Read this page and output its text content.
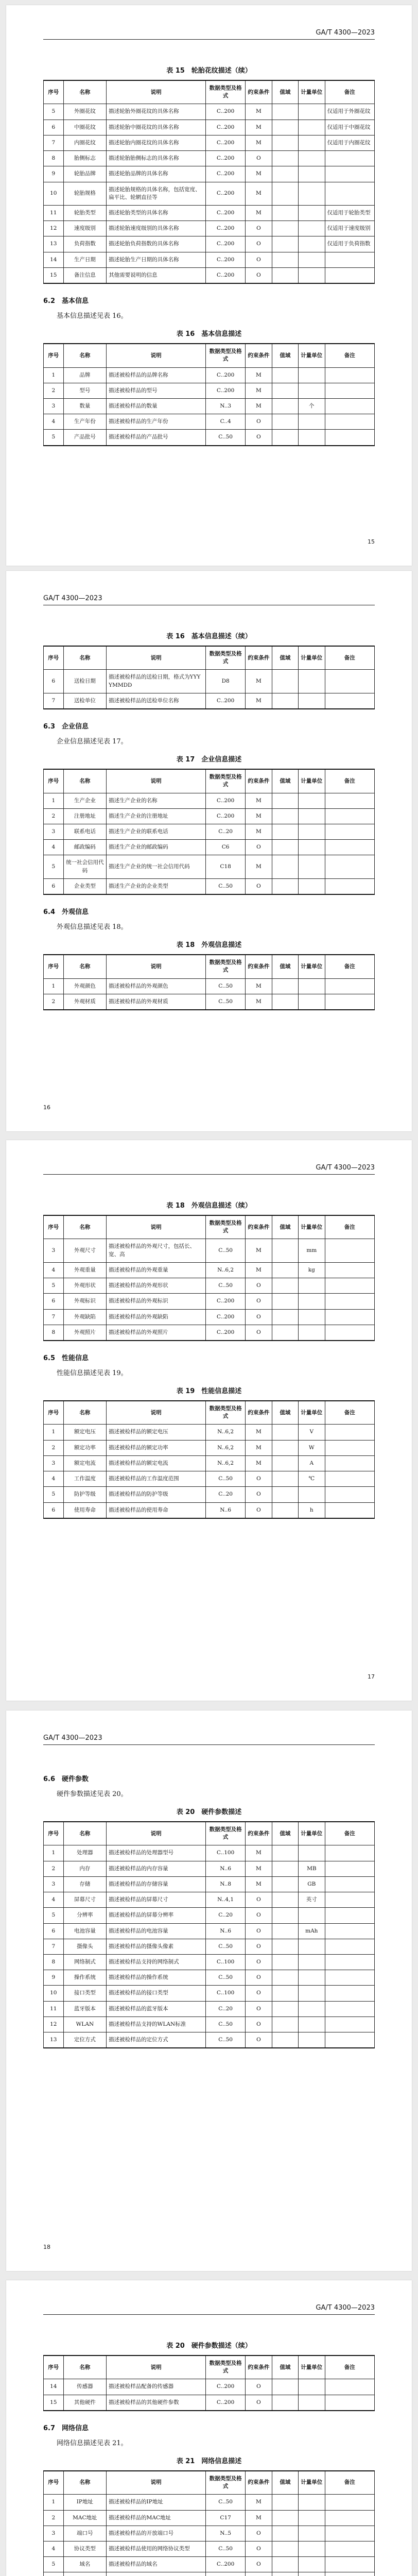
GA/T 4300—2023
表 15　轮胎花纹描述（续）
序号	名称	说明	数据类型及格式	约束条件	值域	计量单位	备注
5	外圈花纹	描述轮胎外圈花纹的具体名称	C..200	M			仅适用于外圈花纹
6	中圈花纹	描述轮胎中圈花纹的具体名称	C..200	M			仅适用于中圈花纹
7	内圈花纹	描述轮胎内圈花纹的具体名称	C..200	M			仅适用于内圈花纹
8	胎侧标志	描述轮胎胎侧标志的具体名称	C..200	O			
9	轮胎品牌	描述轮胎品牌的具体名称	C..200	M			
10	轮胎规格	描述轮胎规格的具体名称，包括宽度、扁平比、轮辋直径等	C..200	M			
11	轮胎类型	描述轮胎类型的具体名称	C..200	M			仅适用于轮胎类型
12	速度级别	描述轮胎速度级别的具体名称	C..200	O			仅适用于速度级别
13	负荷指数	描述轮胎负荷指数的具体名称	C..200	O			仅适用于负荷指数
14	生产日期	描述轮胎生产日期的具体名称	C..200	O			
15	备注信息	其他需要说明的信息	C..200	O			
6.2　基本信息

基本信息描述见表 16。

表 16　基本信息描述
序号	名称	说明	数据类型及格式	约束条件	值域	计量单位	备注
1	品牌	描述被检样品的品牌名称	C..200	M			
2	型号	描述被检样品的型号	C..200	M			
3	数量	描述被检样品的数量	N..3	M		个	
4	生产年份	描述被检样品的生产年份	C..4	O			
5	产品批号	描述被检样品的产品批号	C..50	O			
15
GA/T 4300—2023
表 16　基本信息描述（续）
序号	名称	说明	数据类型及格式	约束条件	值域	计量单位	备注
6	送检日期	描述被检样品的送检日期，格式为YYYYMMDD	D8	M			
7	送检单位	描述被检样品的送检单位名称	C..200	M			
6.3　企业信息

企业信息描述见表 17。

表 17　企业信息描述
序号	名称	说明	数据类型及格式	约束条件	值域	计量单位	备注	
1	生产企业	描述生产企业的名称	C..200	M				
2	注册地址	描述生产企业的注册地址	C..200	M				
3	联系电话	描述生产企业的联系电话	C..20	M				
4	邮政编码	描述生产企业的邮政编码	C6	O				
5	统一社会信用代码	描述生产企业的统一社会信用代码	C18	M				
6	企业类型	描述生产企业的企业类型	C..50	O				
6.4　外观信息

外观信息描述见表 18。

表 18　外观信息描述
序号	名称	说明	数据类型及格式	约束条件	值域	计量单位	备注
1	外观颜色	描述被检样品的外观颜色	C..50	M			
2	外观材质	描述被检样品的外观材质	C..50	M			
16
GA/T 4300—2023
表 18　外观信息描述（续）
序号	名称	说明	数据类型及格式	约束条件	值域	计量单位	备注
3	外观尺寸	描述被检样品的外观尺寸，包括长、宽、高	C..50	M		mm	
4	外观重量	描述被检样品的外观重量	N..6,2	M		kg	
5	外观形状	描述被检样品的外观形状	C..50	O			
6	外观标识	描述被检样品的外观标识	C..200	O			
7	外观缺陷	描述被检样品的外观缺陷	C..200	O			
8	外观照片	描述被检样品的外观照片	C..200	O			
6.5　性能信息

性能信息描述见表 19。

表 19　性能信息描述
序号	名称	说明	数据类型及格式	约束条件	值域	计量单位	备注
1	额定电压	描述被检样品的额定电压	N..6,2	M		V	
2	额定功率	描述被检样品的额定功率	N..6,2	M		W	
3	额定电流	描述被检样品的额定电流	N..6,2	M		A	
4	工作温度	描述被检样品的工作温度范围	C..50	O		℃	
5	防护等级	描述被检样品的防护等级	C..20	O			
6	使用寿命	描述被检样品的使用寿命	N..6	O		h	
17
GA/T 4300—2023
6.6　硬件参数

硬件参数描述见表 20。

表 20　硬件参数描述
序号	名称	说明	数据类型及格式	约束条件	值域	计量单位	备注
1	处理器	描述被检样品的处理器型号	C..100	M			
2	内存	描述被检样品的内存容量	N..6	M		MB	
3	存储	描述被检样品的存储容量	N..8	M		GB	
4	屏幕尺寸	描述被检样品的屏幕尺寸	N..4,1	O		英寸	
5	分辨率	描述被检样品的屏幕分辨率	C..20	O			
6	电池容量	描述被检样品的电池容量	N..6	O		mAh	
7	摄像头	描述被检样品的摄像头像素	C..50	O			
8	网络制式	描述被检样品支持的网络制式	C..100	O			
9	操作系统	描述被检样品的操作系统	C..50	O			
10	接口类型	描述被检样品的接口类型	C..100	O			
11	蓝牙版本	描述被检样品的蓝牙版本	C..20	O			
12	WLAN	描述被检样品支持的WLAN标准	C..50	O			
13	定位方式	描述被检样品的定位方式	C..50	O			
18
GA/T 4300—2023
表 20　硬件参数描述（续）
序号	名称	说明	数据类型及格式	约束条件	值域	计量单位	备注
14	传感器	描述被检样品配备的传感器	C..200	O			
15	其他硬件	描述被检样品的其他硬件参数	C..200	O			
6.7　网络信息

网络信息描述见表 21。

表 21　网络信息描述
序号	名称	说明	数据类型及格式	约束条件	值域	计量单位	备注
1	IP地址	描述被检样品的IP地址	C..50	M			
2	MAC地址	描述被检样品的MAC地址	C17	M			
3	端口号	描述被检样品的开放端口号	N..5	O			
4	协议类型	描述被检样品使用的网络协议类型	C..50	O			
5	域名	描述被检样品的域名	C..200	O			
